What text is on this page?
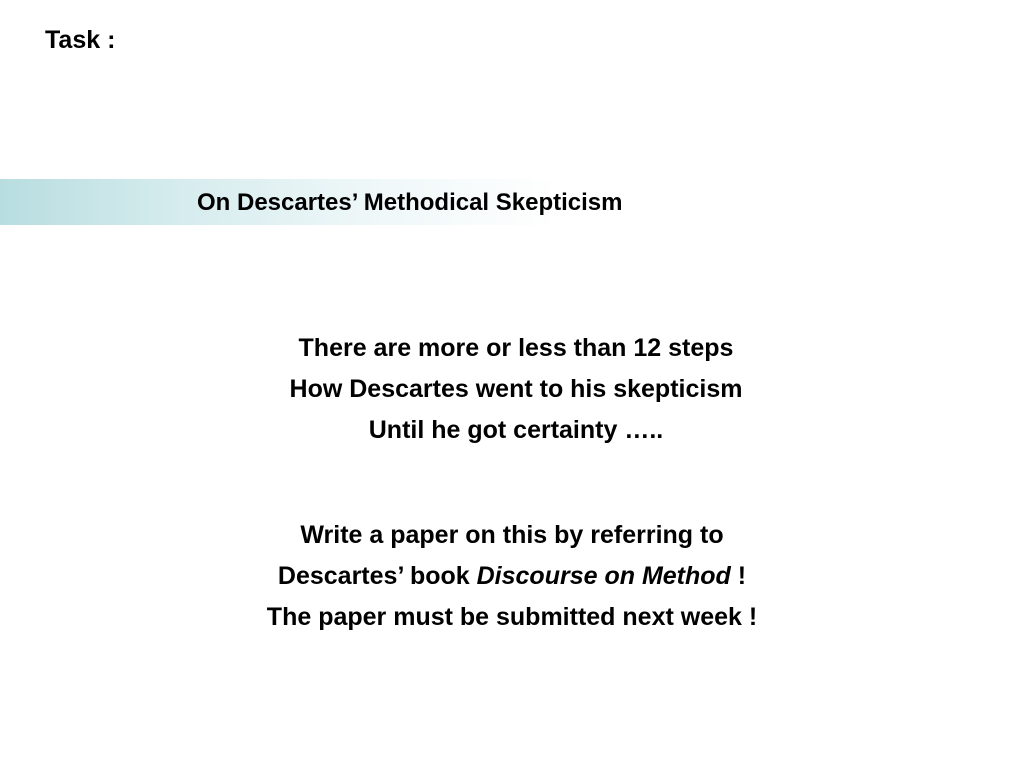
Task :
On Descartes’ Methodical Skepticism
There are more or less than 12 steps
How Descartes went to his skepticism
Until he got certainty …..
Write a paper on this by referring to
Descartes’ book Discourse on Method !
The paper must be submitted next week !
